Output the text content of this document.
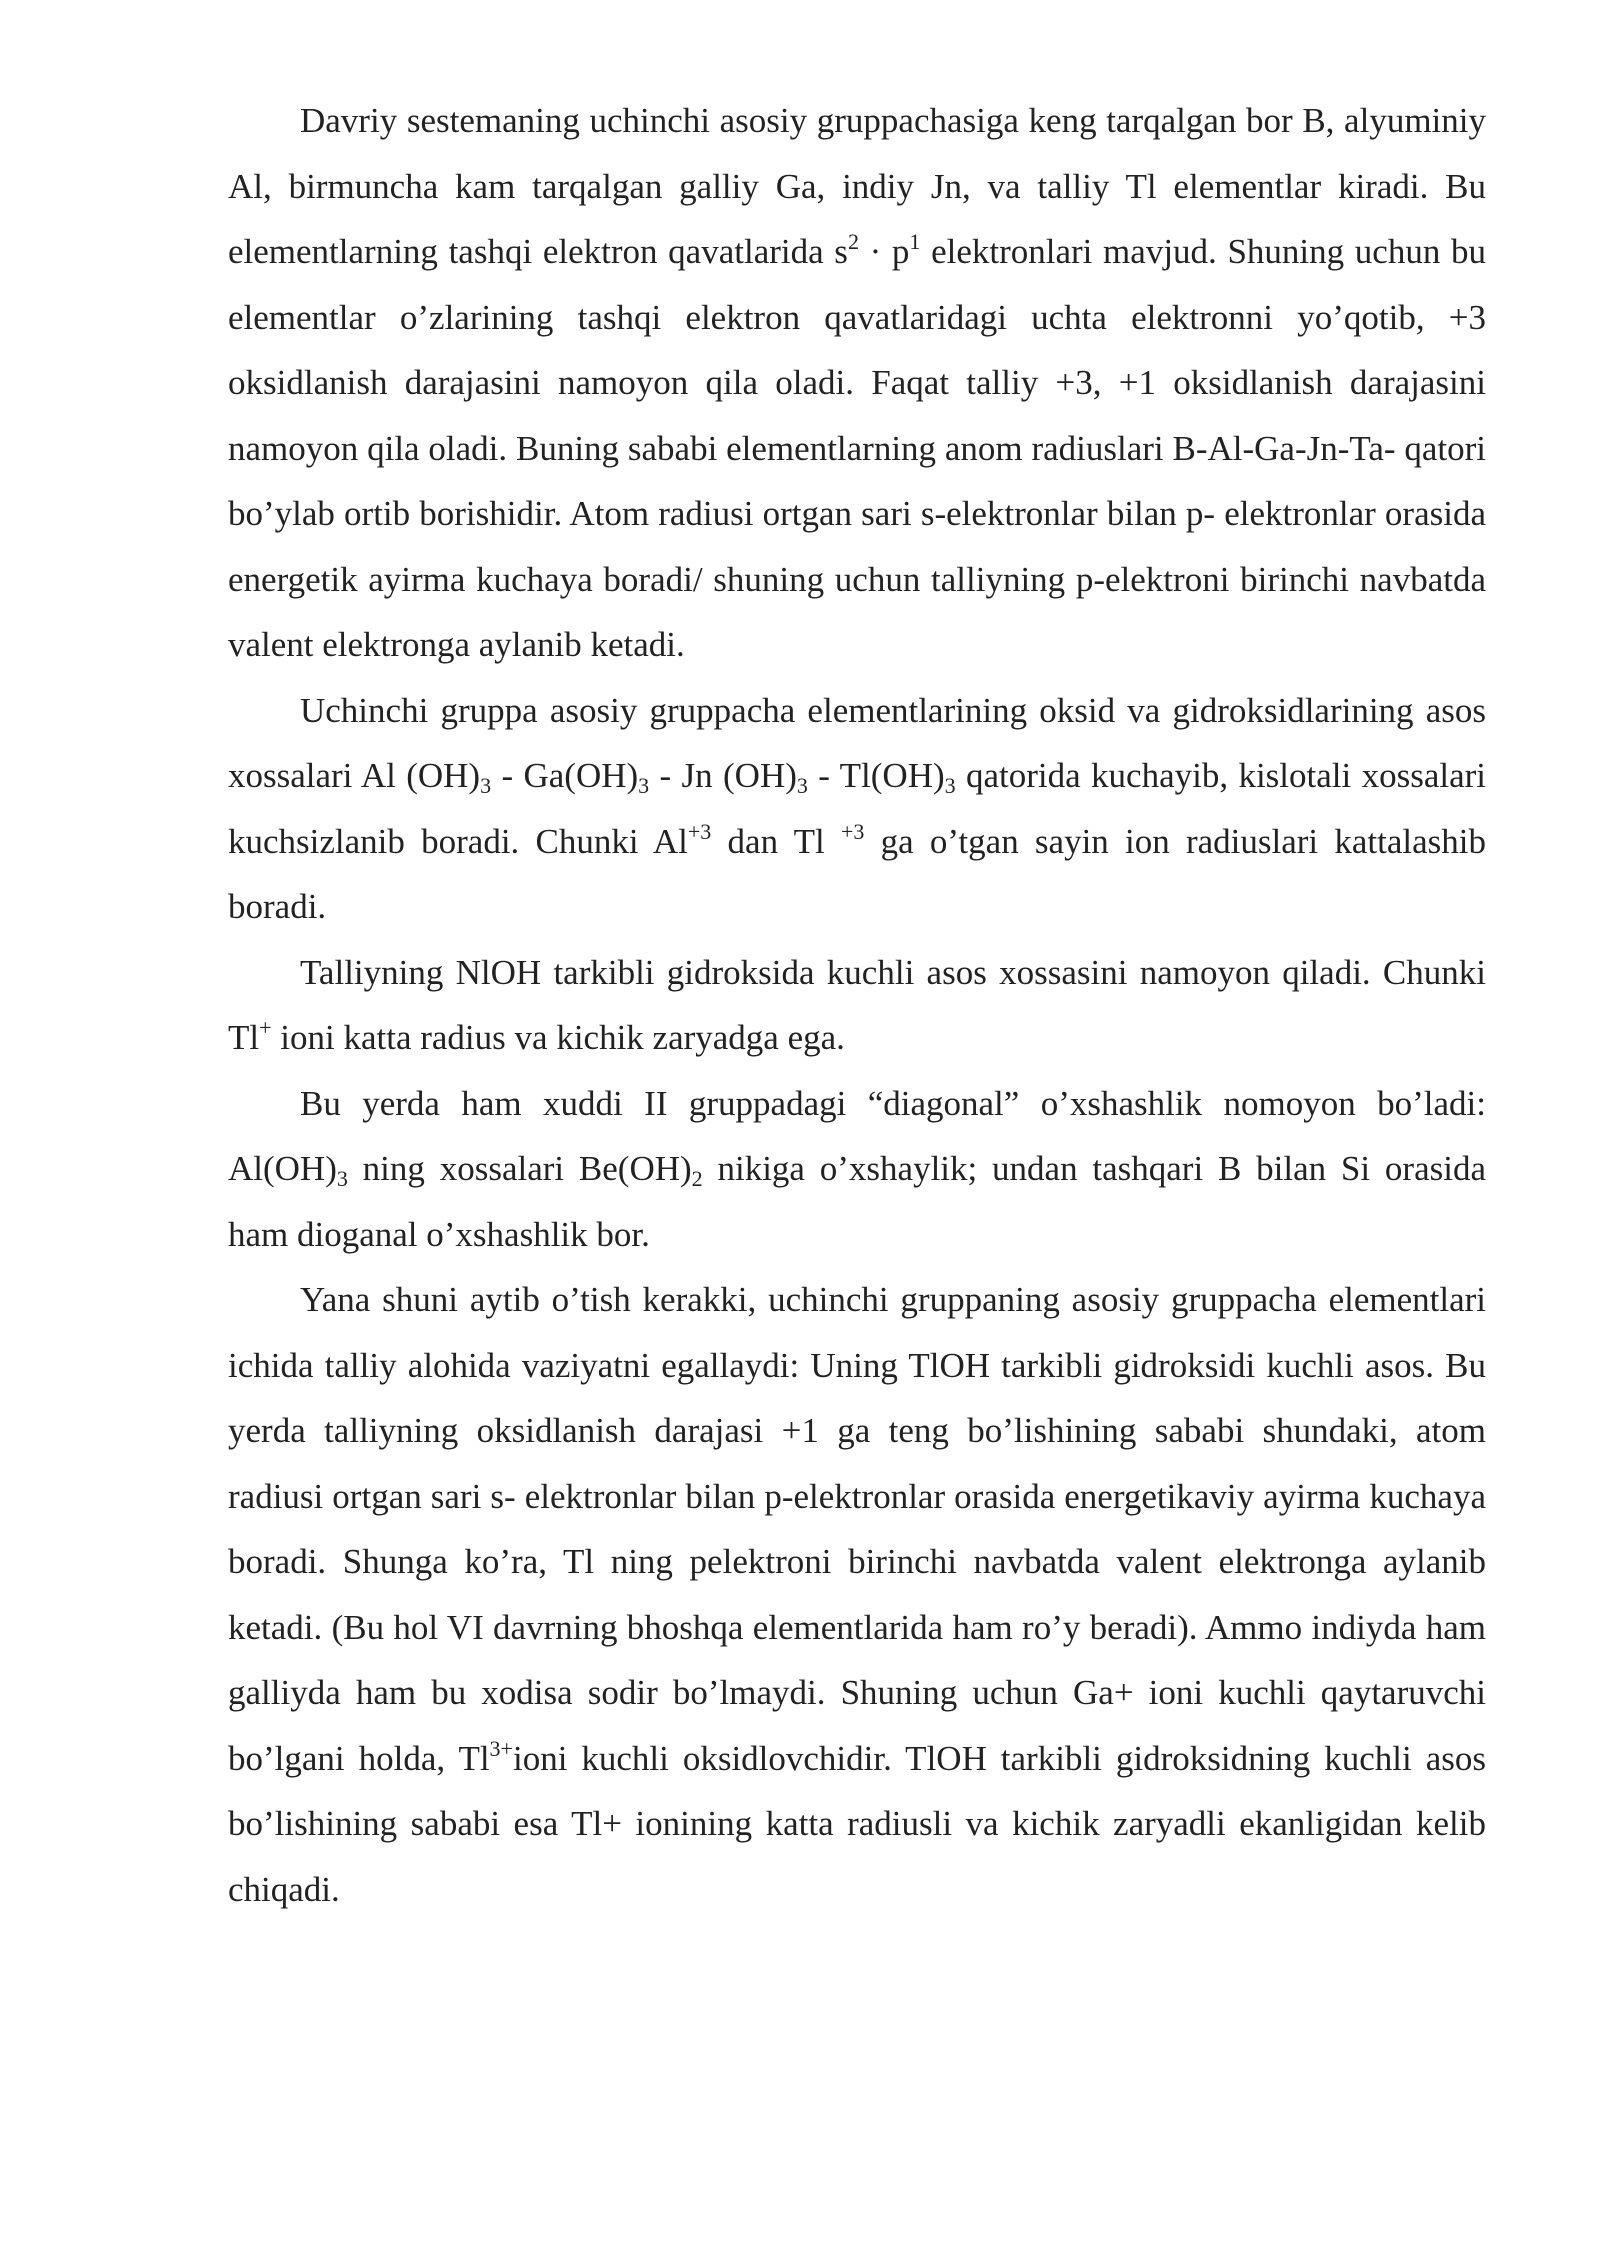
Davriy sestemaning uchinchi asosiy gruppachasiga keng tarqalgan bor B, alyuminiy Al, birmuncha kam tarqalgan galliy Ga, indiy Jn, va talliy Tl elementlar kiradi. Bu elementlarning tashqi elektron qavatlarida $s^2 \cdot p^1$ elektronlari mavjud. Shuning uchun bu elementlar o’zlarining tashqi elektron qavatlaridagi uchta elektronni yo’qotib, +3 oksidlanish darajasini namoyon qila oladi. Faqat talliy +3, +1 oksidlanish darajasini namoyon qila oladi. Buning sababi elementlarning anom radiuslari B-Al-Ga-Jn-Ta- qatori bo’ylab ortib borishidir. Atom radiusi ortgan sari s-elektronlar bilan p- elektronlar orasida energetik ayirma kuchaya boradi/ shuning uchun talliyning p-elektroni birinchi navbatda valent elektronga aylanib ketadi.

Uchinchi gruppa asosiy gruppacha elementlarining oksid va gidroksidlarining asos xossalari Al $(OH)_3 - Ga(OH)_3$ - Jn $(OH)_3 - Tl(OH)_3$ qatorida kuchayib, kislotali xossalari kuchsizlanib boradi. Chunki $Al^{+3}$ dan Tl $^{+3}$ ga o’tgan sayin ion radiuslari kattalashib boradi.

Talliyning NlOH tarkibli gidroksida kuchli asos xossasini namoyon qiladi. Chunki Tl+ ioni katta radius va kichik zaryadga ega.

Bu yerda ham xuddi II gruppadagi “diagonal” o’xshashlik nomoyon bo’ladi: $Al(OH)_3$ ning xossalari $Be(OH)_2$ nikiga o’xshaylik; undan tashqari B bilan Si orasida ham dioganal o’xshashlik bor.

Yana shuni aytib o’tish kerakki, uchinchi gruppaning asosiy gruppacha elementlari ichida talliy alohida vaziyatni egallaydi: Uning TlOH tarkibli gidroksidi kuchli asos. Bu yerda talliyning oksidlanish darajasi +1 ga teng bo’lishining sababi shundaki, atom radiusi ortgan sari s- elektronlar bilan p-elektronlar orasida energetikaviy ayirma kuchaya boradi. Shunga ko’ra, Tl ning pelektroni birinchi navbatda valent elektronga aylanib ketadi. (Bu hol VI davrning bhoshqa elementlarida ham ro’y beradi). Ammo indiyda ham galliyda ham bu xodisa sodir bo’lmaydi. Shuning uchun Ga+ ioni kuchli qaytaruvchi bo’lgani holda, $Tl^{3+}ioni$ kuchli oksidlovchidir. TlOH tarkibli gidroksidning kuchli asos bo’lishining sababi esa Tl+ ionining katta radiusli va kichik zaryadli ekanligidan kelib chiqadi.
